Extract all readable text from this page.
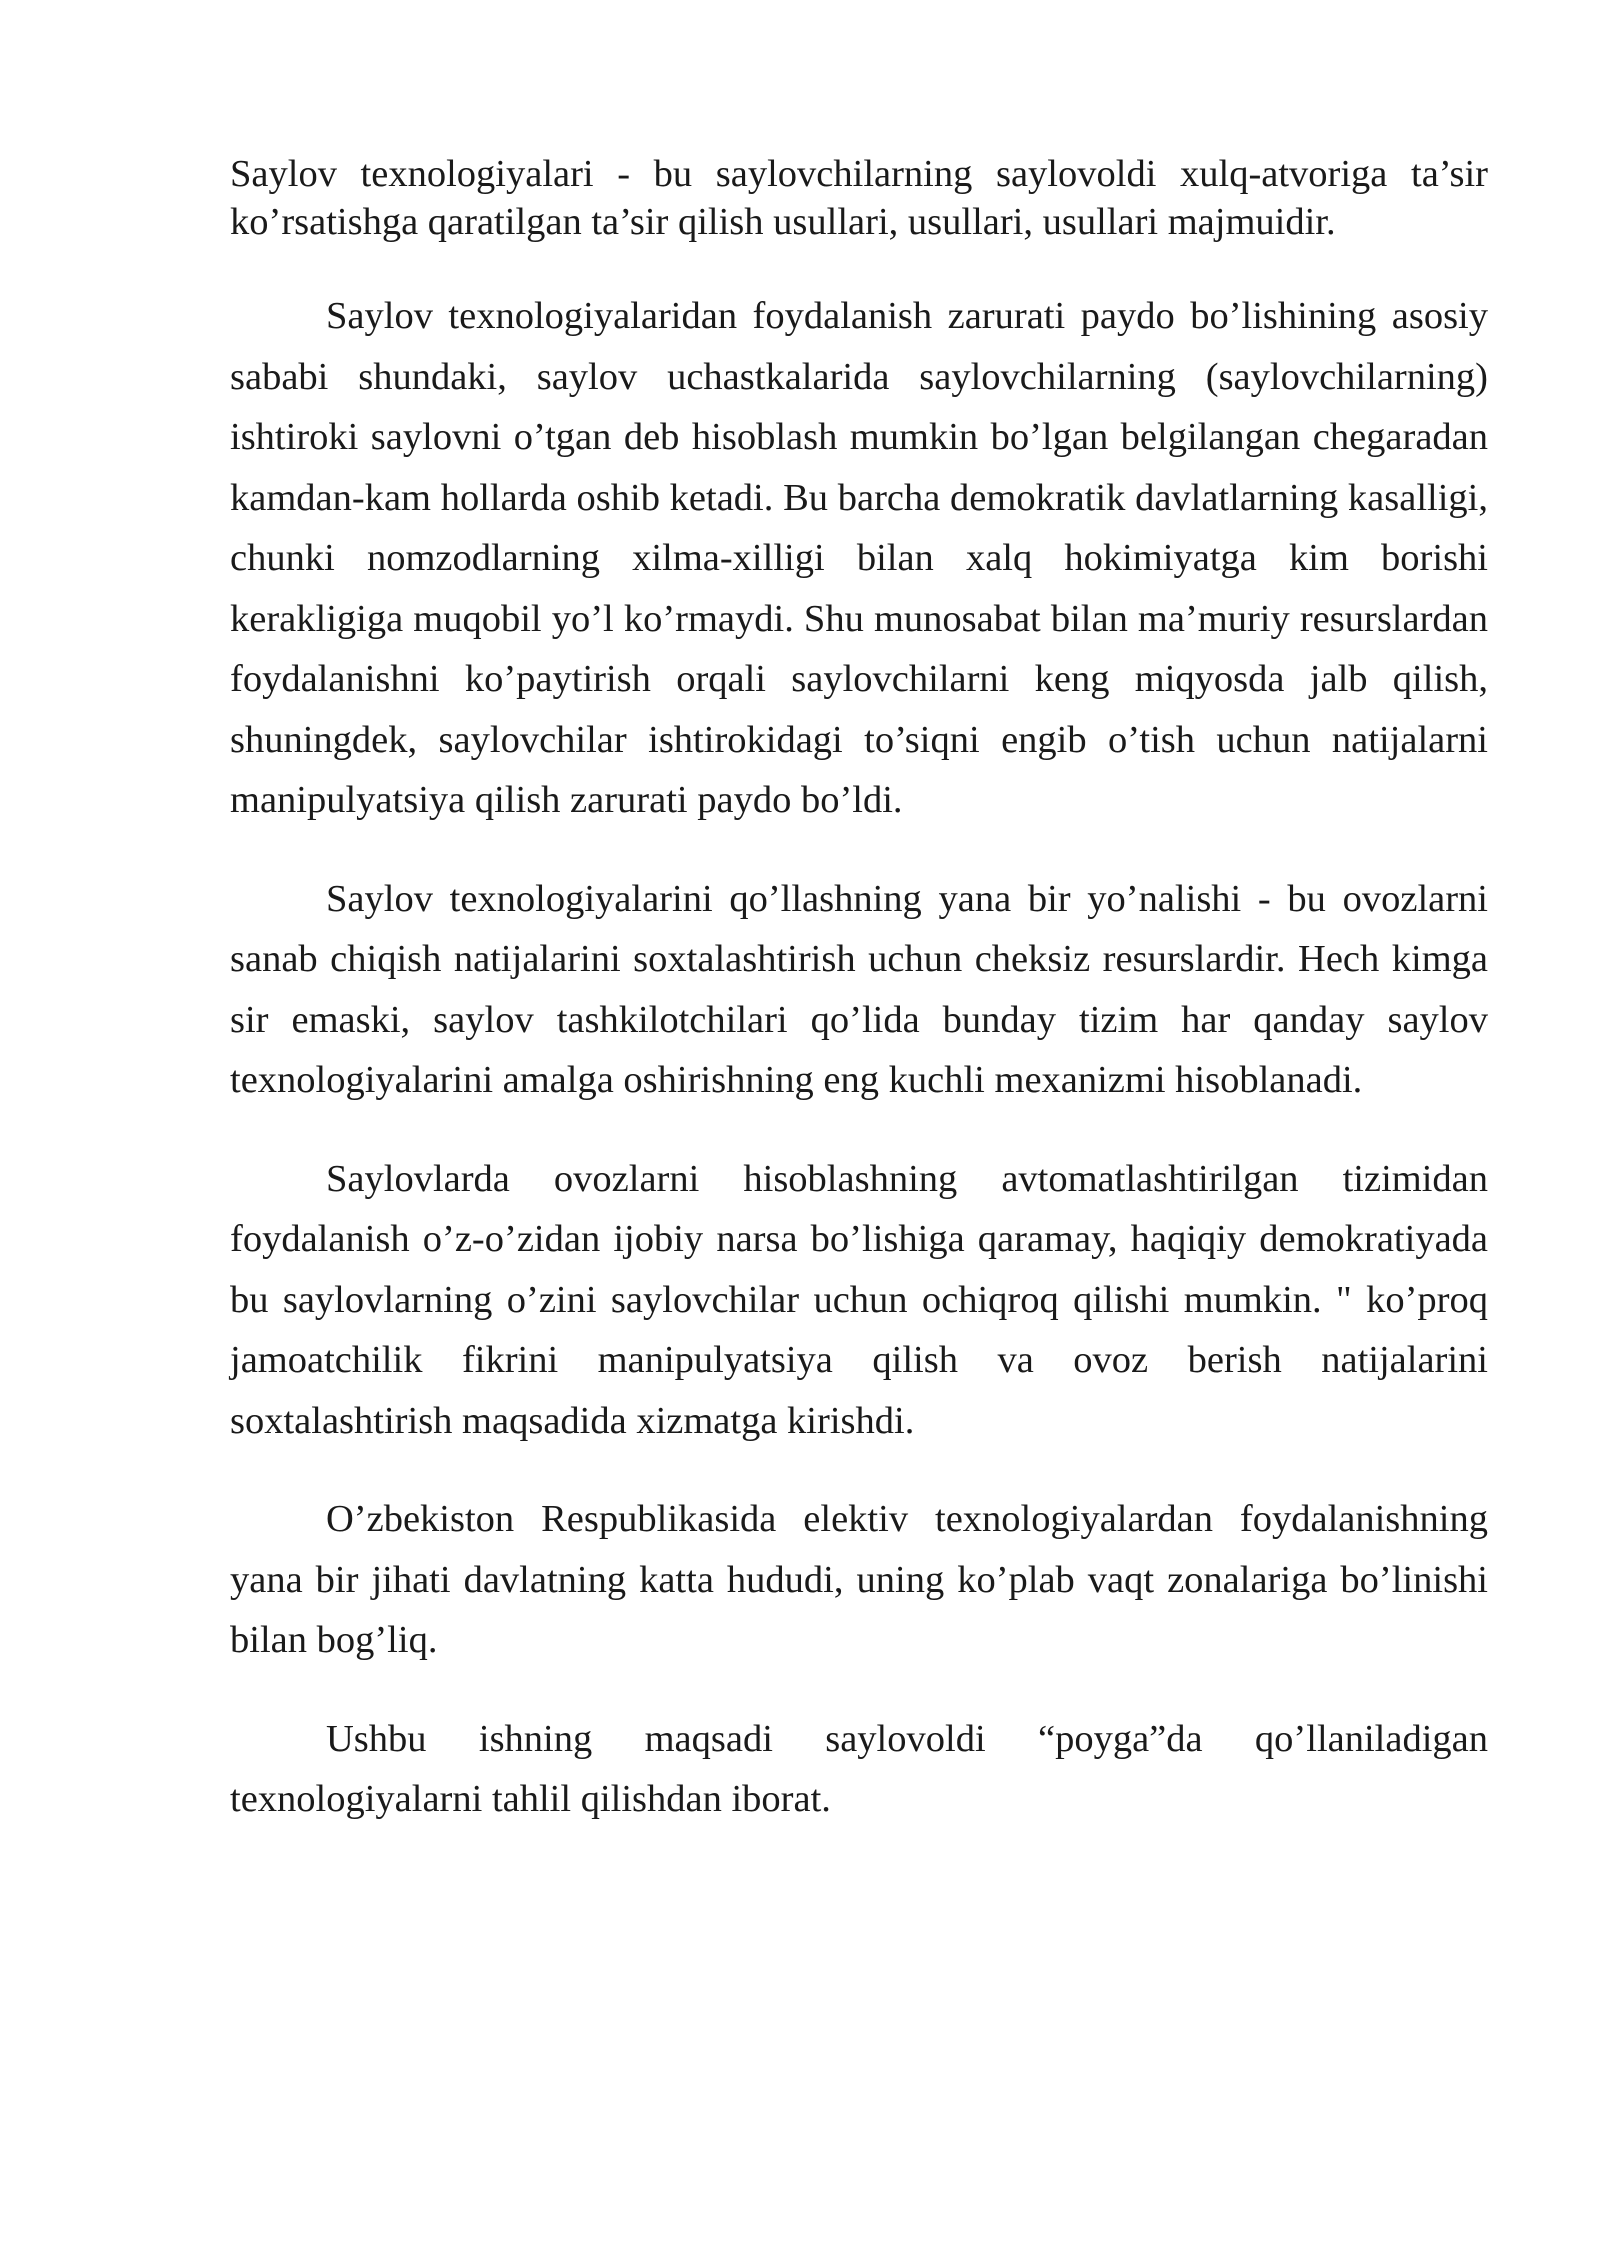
Saylov texnologiyalari - bu saylovchilarning saylovoldi xulq-atvoriga ta’sir ko’rsatishga qaratilgan ta’sir qilish usullari, usullari, usullari majmuidir.

Saylov texnologiyalaridan foydalanish zarurati paydo bo’lishining asosiy sababi shundaki, saylov uchastkalarida saylovchilarning (saylovchilarning) ishtiroki saylovni o’tgan deb hisoblash mumkin bo’lgan belgilangan chegaradan kamdan-kam hollarda oshib ketadi. Bu barcha demokratik davlatlarning kasalligi, chunki nomzodlarning xilma-xilligi bilan xalq hokimiyatga kim borishi kerakligiga muqobil yo’l ko’rmaydi. Shu munosabat bilan ma’muriy resurslardan foydalanishni ko’paytirish orqali saylovchilarni keng miqyosda jalb qilish, shuningdek, saylovchilar ishtirokidagi to’siqni engib o’tish uchun natijalarni manipulyatsiya qilish zarurati paydo bo’ldi.

Saylov texnologiyalarini qo’llashning yana bir yo’nalishi - bu ovozlarni sanab chiqish natijalarini soxtalashtirish uchun cheksiz resurslardir. Hech kimga sir emaski, saylov tashkilotchilari qo’lida bunday tizim har qanday saylov texnologiyalarini amalga oshirishning eng kuchli mexanizmi hisoblanadi.

Saylovlarda ovozlarni hisoblashning avtomatlashtirilgan tizimidan foydalanish o’z-o’zidan ijobiy narsa bo’lishiga qaramay, haqiqiy demokratiyada bu saylovlarning o’zini saylovchilar uchun ochiqroq qilishi mumkin. " ko’proq jamoatchilik fikrini manipulyatsiya qilish va ovoz berish natijalarini soxtalashtirish maqsadida xizmatga kirishdi.

O’zbekiston Respublikasida elektiv texnologiyalardan foydalanishning yana bir jihati davlatning katta hududi, uning ko’plab vaqt zonalariga bo’linishi bilan bog’liq.

Ushbu ishning maqsadi saylovoldi “poyga”da qo’llaniladigan texnologiyalarni tahlil qilishdan iborat.
